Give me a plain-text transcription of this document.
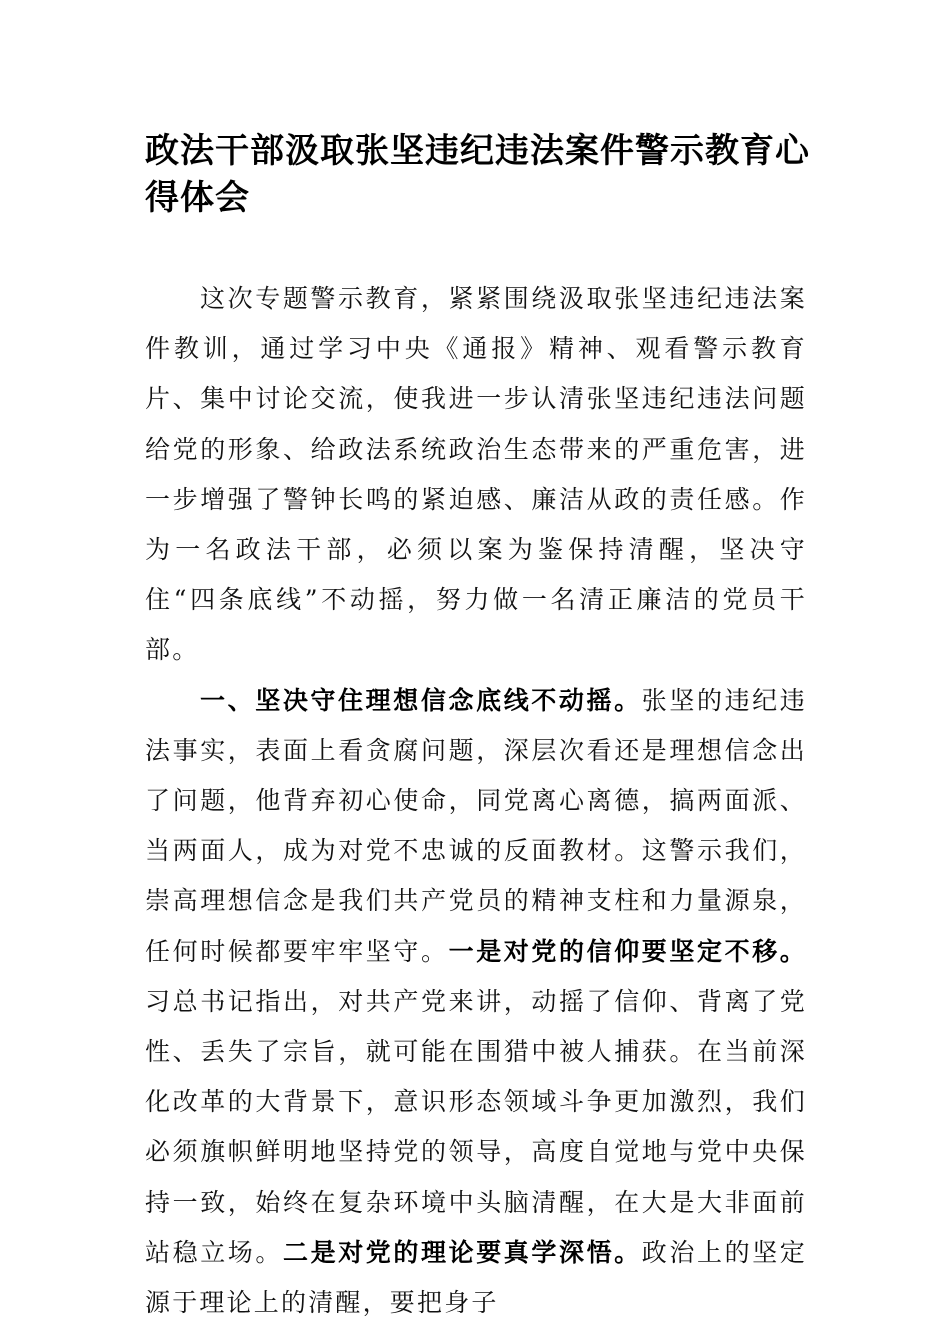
政法干部汲取张坚违纪违法案件警示教育心得体会

这次专题警示教育，紧紧围绕汲取张坚违纪违法案件教训，通过学习中央《通报》精神、观看警示教育片、集中讨论交流，使我进一步认清张坚违纪违法问题给党的形象、给政法系统政治生态带来的严重危害，进一步增强了警钟长鸣的紧迫感、廉洁从政的责任感。作为一名政法干部，必须以案为鉴保持清醒，坚决守住“四条底线”不动摇，努力做一名清正廉洁的党员干部。

一、坚决守住理想信念底线不动摇。张坚的违纪违法事实，表面上看贪腐问题，深层次看还是理想信念出了问题，他背弃初心使命，同党离心离德，搞两面派、当两面人，成为对党不忠诚的反面教材。这警示我们，崇高理想信念是我们共产党员的精神支柱和力量源泉，任何时候都要牢牢坚守。一是对党的信仰要坚定不移。习总书记指出，对共产党来讲，动摇了信仰、背离了党性、丢失了宗旨，就可能在围猎中被人捕获。在当前深化改革的大背景下，意识形态领域斗争更加激烈，我们必须旗帜鲜明地坚持党的领导，高度自觉地与党中央保持一致，始终在复杂环境中头脑清醒，在大是大非面前站稳立场。二是对党的理论要真学深悟。政治上的坚定源于理论上的清醒，要把身子
